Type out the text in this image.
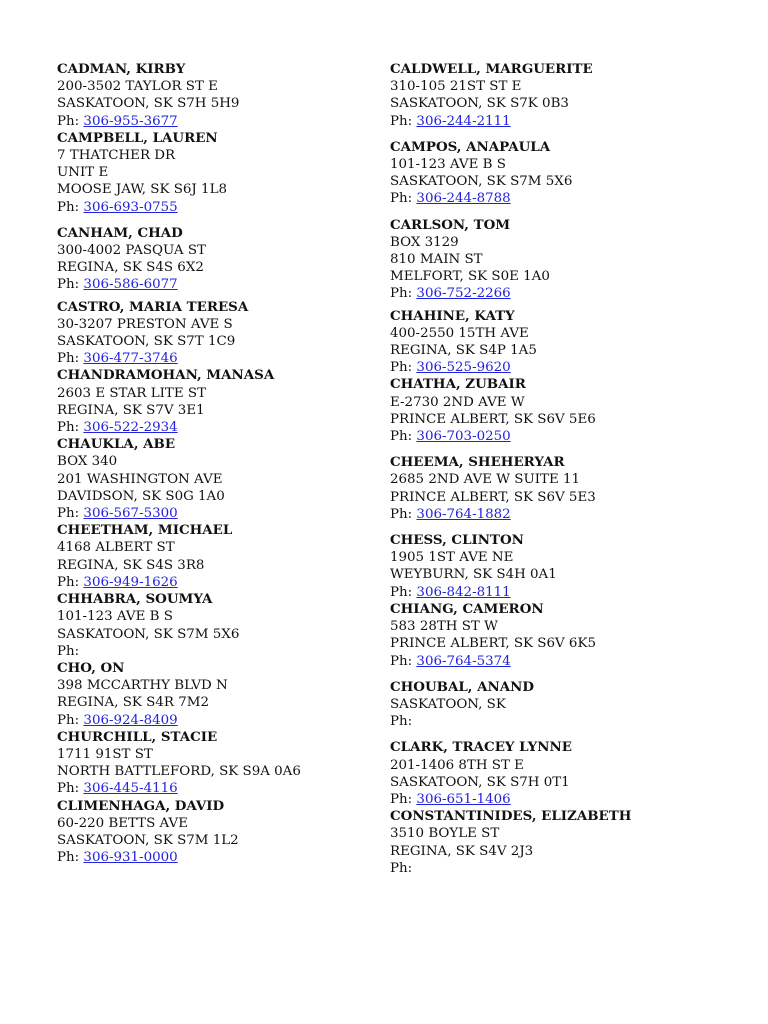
CADMAN, KIRBY
200-3502 TAYLOR ST E
SASKATOON, SK S7H 5H9
Ph: 306-955-3677
CAMPBELL, LAUREN
7 THATCHER DR
UNIT E
MOOSE JAW, SK S6J 1L8
Ph: 306-693-0755
CANHAM, CHAD
300-4002 PASQUA ST
REGINA, SK S4S 6X2
Ph: 306-586-6077
CASTRO, MARIA TERESA
30-3207 PRESTON AVE S
SASKATOON, SK S7T 1C9
Ph: 306-477-3746
CHANDRAMOHAN, MANASA
2603 E STAR LITE ST
REGINA, SK S7V 3E1
Ph: 306-522-2934
CHAUKLA, ABE
BOX 340
201 WASHINGTON AVE
DAVIDSON, SK S0G 1A0
Ph: 306-567-5300
CHEETHAM, MICHAEL
4168 ALBERT ST
REGINA, SK S4S 3R8
Ph: 306-949-1626
CHHABRA, SOUMYA
101-123 AVE B S
SASKATOON, SK S7M 5X6
Ph:
CHO, ON
398 MCCARTHY BLVD N
REGINA, SK S4R 7M2
Ph: 306-924-8409
CHURCHILL, STACIE
1711 91ST ST
NORTH BATTLEFORD, SK S9A 0A6
Ph: 306-445-4116
CLIMENHAGA, DAVID
60-220 BETTS AVE
SASKATOON, SK S7M 1L2
Ph: 306-931-0000
CALDWELL, MARGUERITE
310-105 21ST ST E
SASKATOON, SK S7K 0B3
Ph: 306-244-2111
CAMPOS, ANAPAULA
101-123 AVE B S
SASKATOON, SK S7M 5X6
Ph: 306-244-8788
CARLSON, TOM
BOX 3129
810 MAIN ST
MELFORT, SK S0E 1A0
Ph: 306-752-2266
CHAHINE, KATY
400-2550 15TH AVE
REGINA, SK S4P 1A5
Ph: 306-525-9620
CHATHA, ZUBAIR
E-2730 2ND AVE W
PRINCE ALBERT, SK S6V 5E6
Ph: 306-703-0250
CHEEMA, SHEHERYAR
2685 2ND AVE W SUITE 11
PRINCE ALBERT, SK S6V 5E3
Ph: 306-764-1882
CHESS, CLINTON
1905 1ST AVE NE
WEYBURN, SK S4H 0A1
Ph: 306-842-8111
CHIANG, CAMERON
583 28TH ST W
PRINCE ALBERT, SK S6V 6K5
Ph: 306-764-5374
CHOUBAL, ANAND
SASKATOON, SK
Ph:
CLARK, TRACEY LYNNE
201-1406 8TH ST E
SASKATOON, SK S7H 0T1
Ph: 306-651-1406
CONSTANTINIDES, ELIZABETH
3510 BOYLE ST
REGINA, SK S4V 2J3
Ph:
